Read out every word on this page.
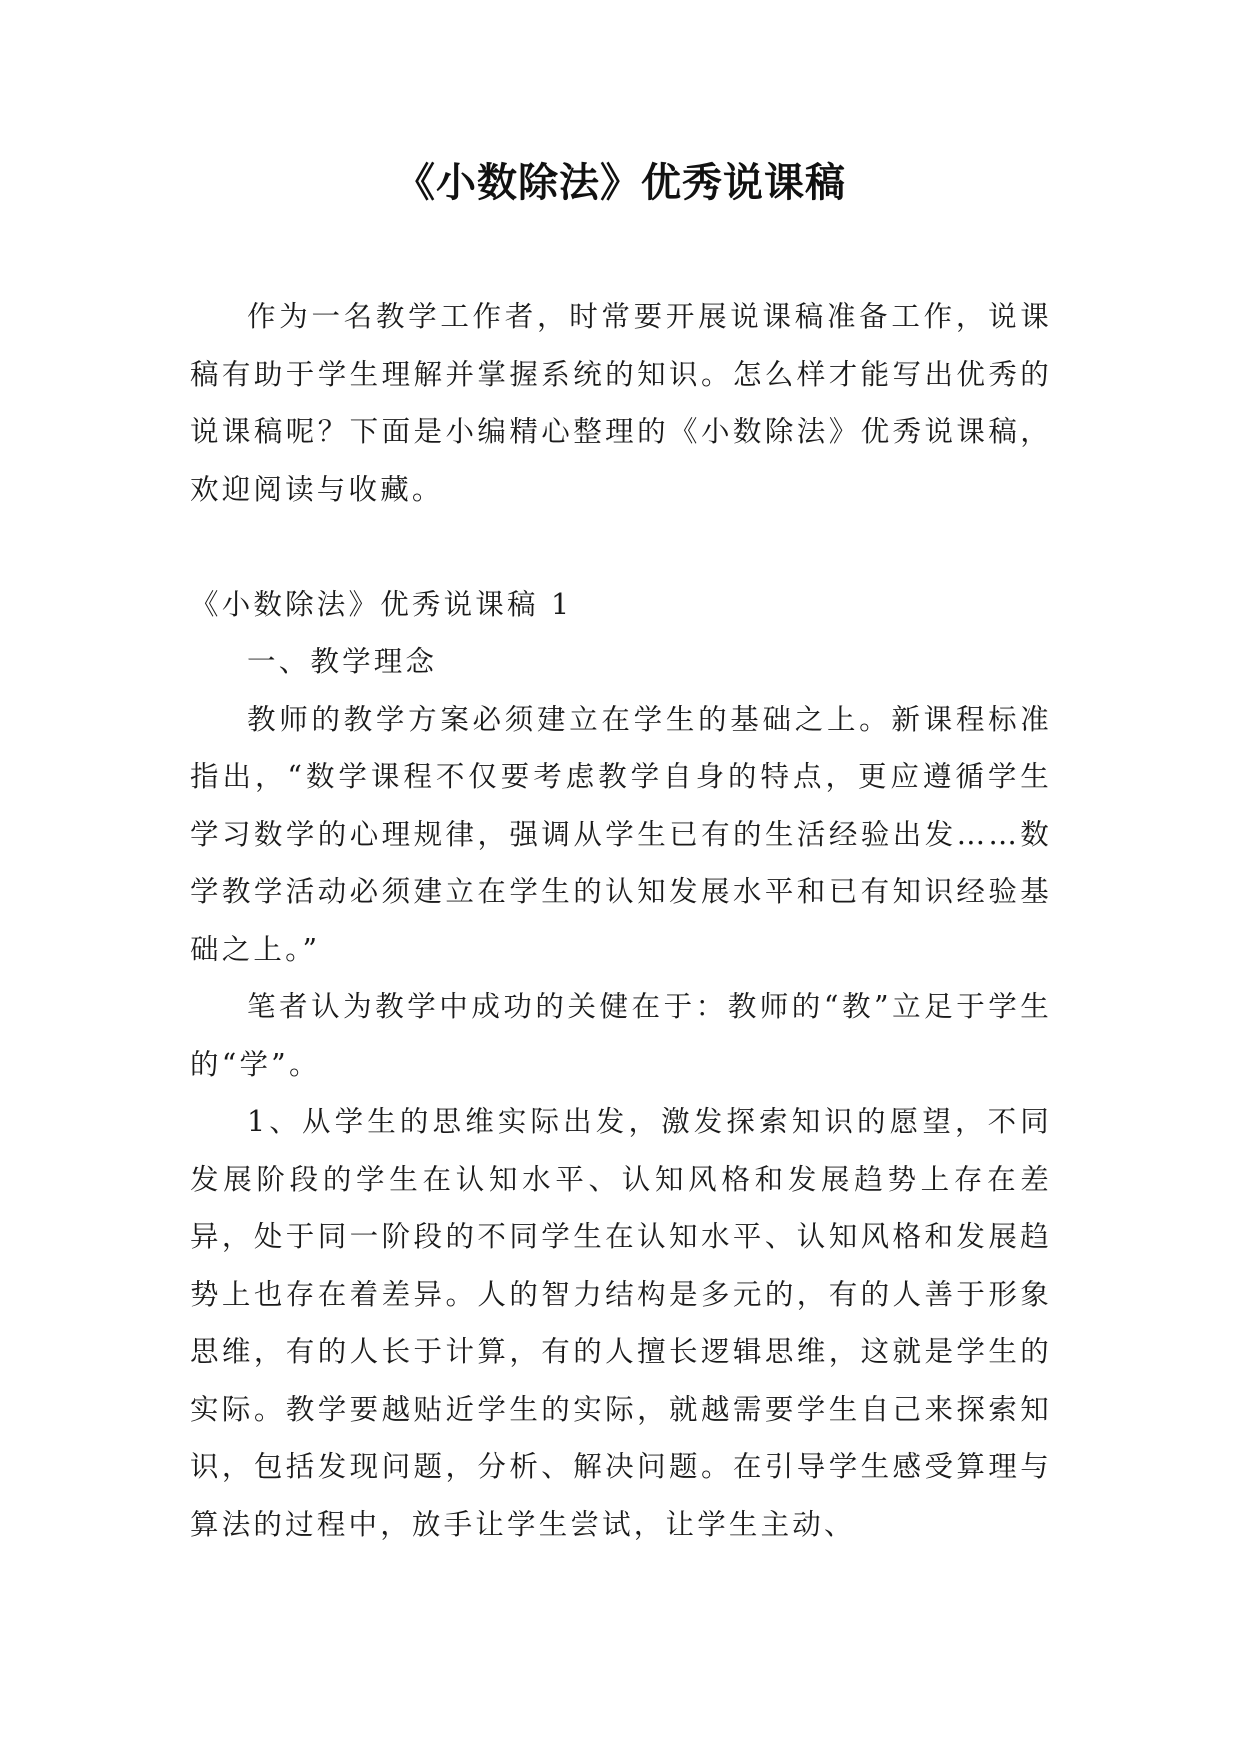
《小数除法》优秀说课稿

作为一名教学工作者，时常要开展说课稿准备工作，说课稿有助于学生理解并掌握系统的知识。怎么样才能写出优秀的说课稿呢？下面是小编精心整理的《小数除法》优秀说课稿，欢迎阅读与收藏。

《小数除法》优秀说课稿 1

一、教学理念

教师的教学方案必须建立在学生的基础之上。新课程标准指出，“数学课程不仅要考虑教学自身的特点，更应遵循学生学习数学的心理规律，强调从学生已有的生活经验出发……数学教学活动必须建立在学生的认知发展水平和已有知识经验基础之上。”

笔者认为教学中成功的关健在于：教师的“教”立足于学生的“学”。

1、从学生的思维实际出发，激发探索知识的愿望，不同发展阶段的学生在认知水平、认知风格和发展趋势上存在差异，处于同一阶段的不同学生在认知水平、认知风格和发展趋势上也存在着差异。人的智力结构是多元的，有的人善于形象思维，有的人长于计算，有的人擅长逻辑思维，这就是学生的实际。教学要越贴近学生的实际，就越需要学生自己来探索知识，包括发现问题，分析、解决问题。在引导学生感受算理与算法的过程中，放手让学生尝试，让学生主动、
